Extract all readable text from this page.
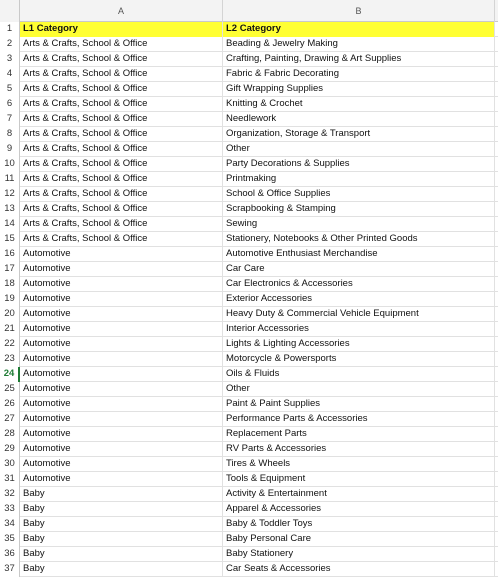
A	B
1	L1 Category	L2 Category
2	Arts & Crafts, School & Office	Beading & Jewelry Making
3	Arts & Crafts, School & Office	Crafting, Painting, Drawing & Art Supplies
4	Arts & Crafts, School & Office	Fabric & Fabric Decorating
5	Arts & Crafts, School & Office	Gift Wrapping Supplies
6	Arts & Crafts, School & Office	Knitting & Crochet
7	Arts & Crafts, School & Office	Needlework
8	Arts & Crafts, School & Office	Organization, Storage & Transport
9	Arts & Crafts, School & Office	Other
10 Arts & Crafts, School & Office	Party Decorations & Supplies
11 Arts & Crafts, School & Office	Printmaking
12 Arts & Crafts, School & Office	School & Office Supplies
13 Arts & Crafts, School & Office	Scrapbooking & Stamping
14 Arts & Crafts, School & Office	Sewing
15 Arts & Crafts, School & Office	Stationery, Notebooks & Other Printed Goods
16 Automotive	Automotive Enthusiast Merchandise
17 Automotive	Car Care
18 Automotive	Car Electronics & Accessories
19 Automotive	Exterior Accessories
20 Automotive	Heavy Duty & Commercial Vehicle Equipment
21 Automotive	Interior Accessories
22 Automotive	Lights & Lighting Accessories
23 Automotive	Motorcycle & Powersports
24 Automotive	Oils & Fluids
25 Automotive	Other
26 Automotive	Paint & Paint Supplies
27 Automotive	Performance Parts & Accessories
28 Automotive	Replacement Parts
29 Automotive	RV Parts & Accessories
30 Automotive	Tires & Wheels
31 Automotive	Tools & Equipment
32 Baby	Activity & Entertainment
33 Baby	Apparel & Accessories
34 Baby	Baby & Toddler Toys
35 Baby	Baby Personal Care
36 Baby	Baby Stationery
37 Baby	Car Seats & Accessories
